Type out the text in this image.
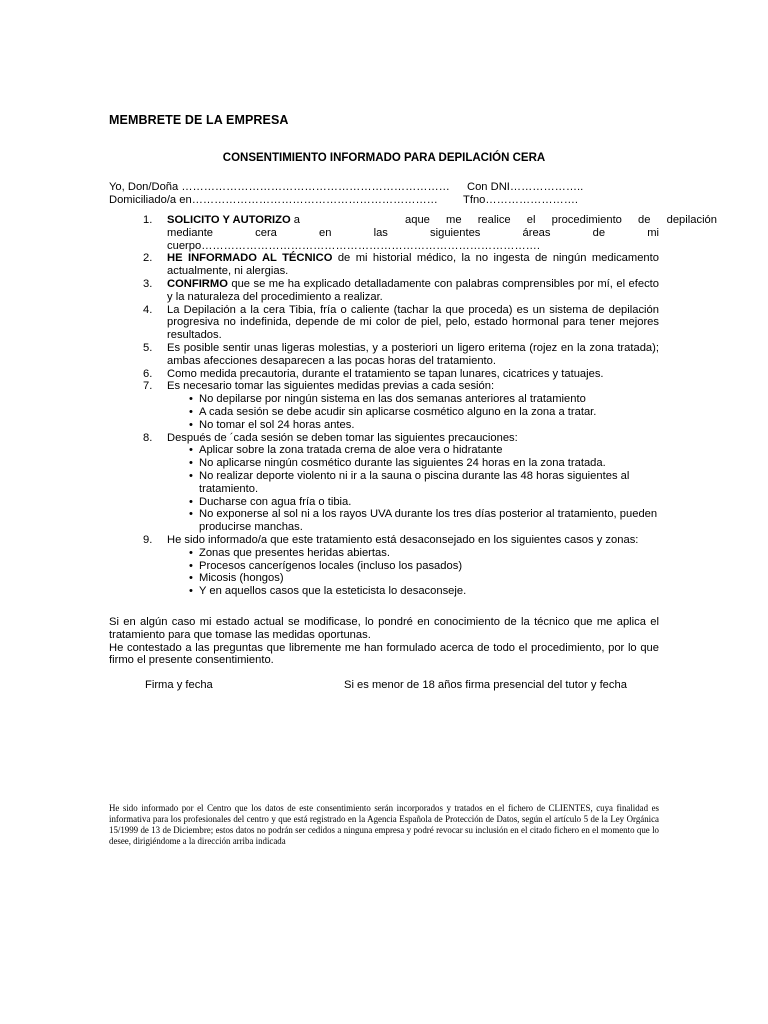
MEMBRETE DE LA EMPRESA
CONSENTIMIENTO INFORMADO PARA DEPILACIÓN CERA
Yo, Don/Doña ……………………………………………………………… Con DNI………………..
Domiciliado/a en………………………………………………………… Tfno…………………….
1. SOLICITO Y AUTORIZO a	aque me realice el procedimiento de depilación
mediante cera en las siguientes áreas de mi
cuerpo……………………………………………………………………………….
2. HE INFORMADO AL TÉCNICO de mi historial médico, la no ingesta de ningún medicamento actualmente, ni alergias.
3. CONFIRMO que se me ha explicado detalladamente con palabras comprensibles por mí, el efecto y la naturaleza del procedimiento a realizar.
4. La Depilación a la cera Tibia, fría o caliente (tachar la que proceda) es un sistema de depilación progresiva no indefinida, depende de mi color de piel, pelo, estado hormonal para tener mejores resultados.
5. Es posible sentir unas ligeras molestias, y a posteriori un ligero eritema (rojez en la zona tratada); ambas afecciones desaparecen a las pocas horas del tratamiento.
6. Como medida precautoria, durante el tratamiento se tapan lunares, cicatrices y tatuajes.
7. Es necesario tomar las siguientes medidas previas a cada sesión:
• No depilarse por ningún sistema en las dos semanas anteriores al tratamiento
• A cada sesión se debe acudir sin aplicarse cosmético alguno en la zona a tratar.
• No tomar el sol 24 horas antes.
8. Después de ´cada sesión se deben tomar las siguientes precauciones:
• Aplicar sobre la zona tratada crema de aloe vera o hidratante
• No aplicarse ningún cosmético durante las siguientes 24 horas en la zona tratada.
• No realizar deporte violento ni ir a la sauna o piscina durante las 48 horas siguientes al tratamiento.
• Ducharse con agua fría o tibia.
• No exponerse al sol ni a los rayos UVA durante los tres días posterior al tratamiento, pueden producirse manchas.
9. He sido informado/a que este tratamiento está desaconsejado en los siguientes casos y zonas:
• Zonas que presentes heridas abiertas.
• Procesos cancerígenos locales (incluso los pasados)
• Micosis (hongos)
• Y en aquellos casos que la esteticista lo desaconseje.

Si en algún caso mi estado actual se modificase, lo pondré en conocimiento de la técnico que me aplica el tratamiento para que tomase las medidas oportunas.

He contestado a las preguntas que libremente me han formulado acerca de todo el procedimiento, por lo que firmo el presente consentimiento.

Firma y fecha	Si es menor de 18 años firma presencial del tutor y fecha

He sido informado por el Centro que los datos de este consentimiento serán incorporados y tratados en el fichero de CLIENTES, cuya finalidad es informativa para los profesionales del centro y que está registrado en la Agencia Española de Protección de Datos, según el artículo 5 de la Ley Orgánica 15/1999 de 13 de Diciembre; estos datos no podrán ser cedidos a ninguna empresa y podré revocar su inclusión en el citado fichero en el momento que lo desee, dirigiéndome a la dirección arriba indicada
